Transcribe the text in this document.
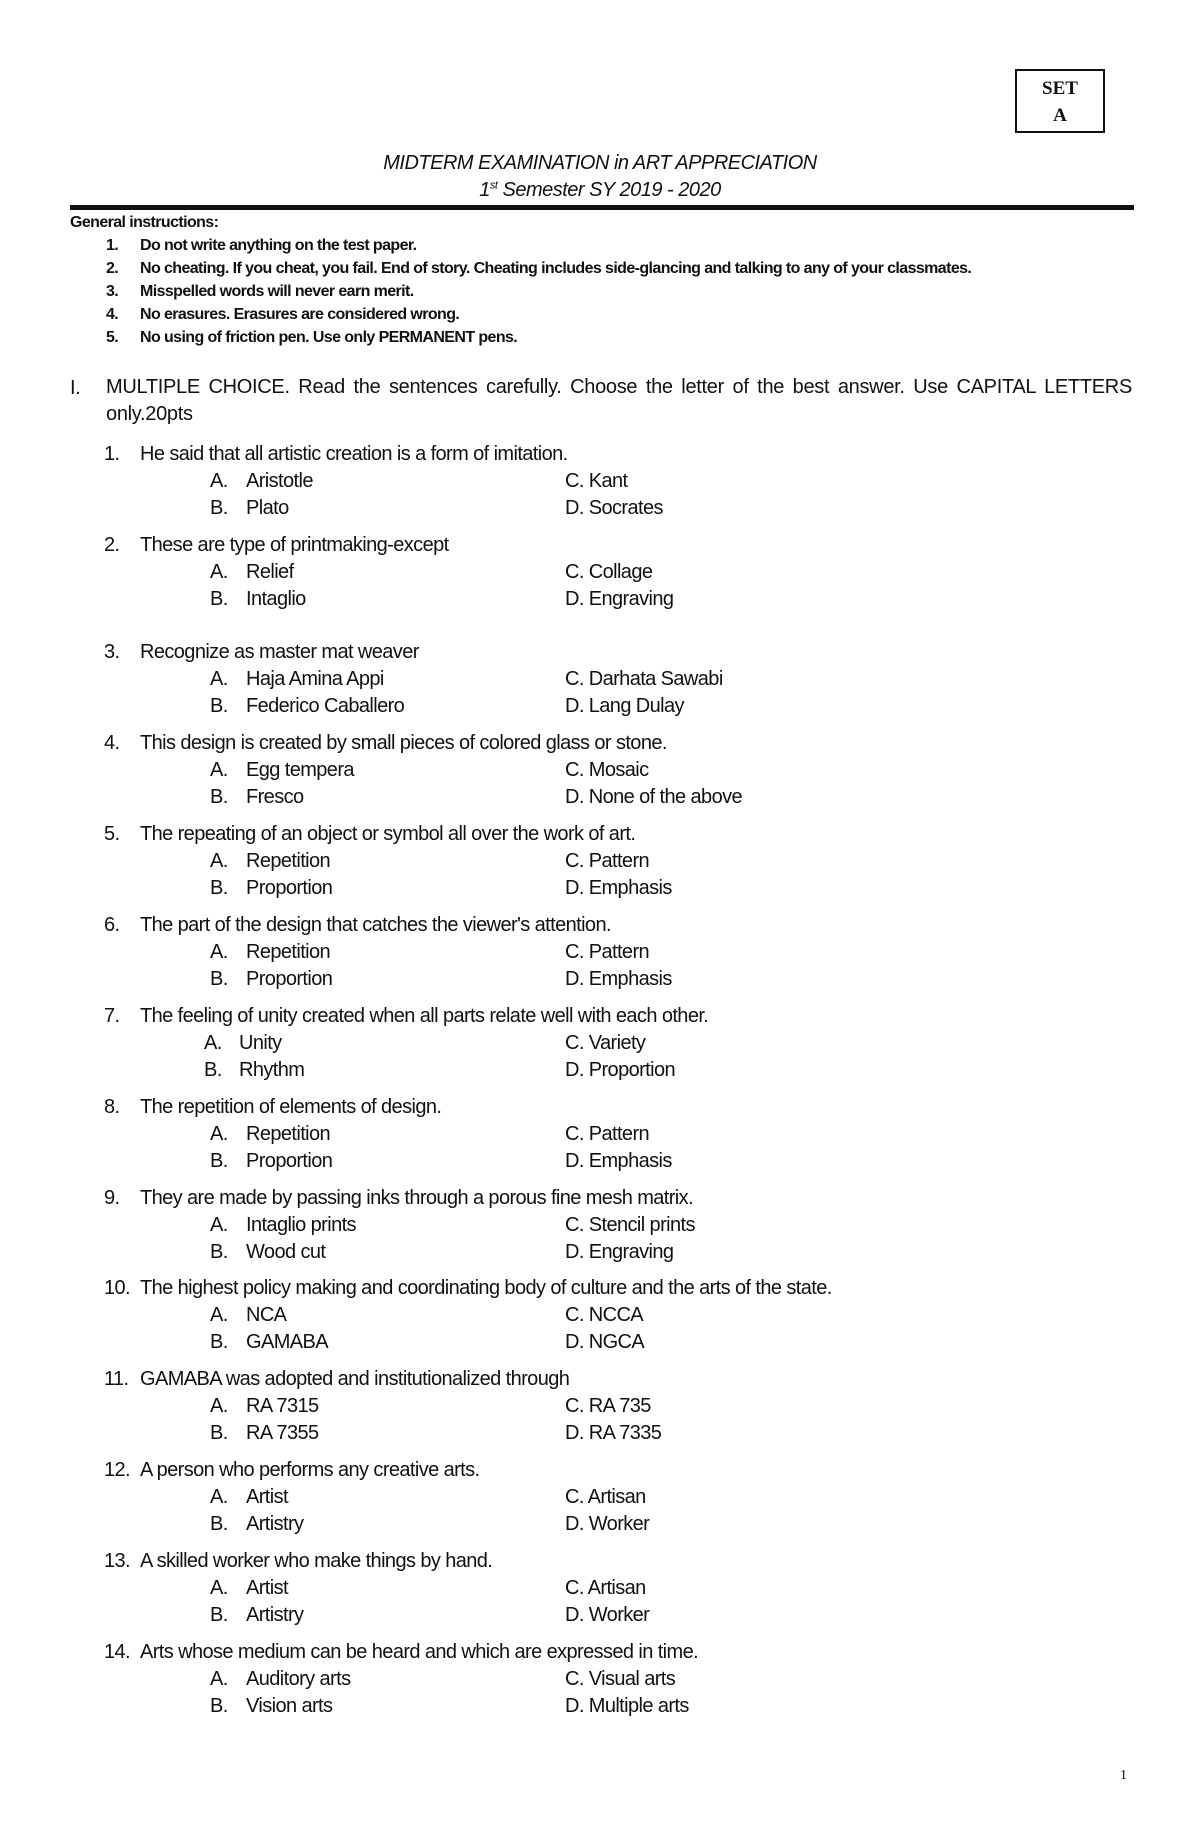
SET
A
MIDTERM EXAMINATION in ART APPRECIATION
1st Semester SY 2019 - 2020
General instructions:
1.	Do not write anything on the test paper.
2.	No cheating. If you cheat, you fail. End of story. Cheating includes side-glancing and talking to any of your classmates.
3.	Misspelled words will never earn merit.
4.	No erasures. Erasures are considered wrong.
5.	No using of friction pen. Use only PERMANENT pens.
I.	MULTIPLE CHOICE. Read the sentences carefully. Choose the letter of the best answer. Use CAPITAL LETTERS only.20pts
1.	He said that all artistic creation is a form of imitation.
A. Aristotle	C. Kant
B. Plato	D. Socrates
2.	These are type of printmaking-except
A. Relief	C. Collage
B. Intaglio	D. Engraving
3.	Recognize as master mat weaver
A. Haja Amina Appi	C. Darhata Sawabi
B. Federico Caballero	D. Lang Dulay
4.	This design is created by small pieces of colored glass or stone.
A. Egg tempera	C. Mosaic
B. Fresco	D. None of the above
5.	The repeating of an object or symbol all over the work of art.
A. Repetition	C. Pattern
B. Proportion	D. Emphasis
6.	The part of the design that catches the viewer's attention.
A. Repetition	C. Pattern
B. Proportion	D. Emphasis
7.	The feeling of unity created when all parts relate well with each other.
A. Unity	C. Variety
B. Rhythm	D. Proportion
8.	The repetition of elements of design.
A. Repetition	C. Pattern
B. Proportion	D. Emphasis
9.	They are made by passing inks through a porous fine mesh matrix.
A. Intaglio prints	C. Stencil prints
B. Wood cut	D. Engraving
10. The highest policy making and coordinating body of culture and the arts of the state.
A. NCA	C. NCCA
B. GAMABA	D. NGCA
11. GAMABA was adopted and institutionalized through
A. RA 7315	C. RA 735
B. RA 7355	D. RA 7335
12. A person who performs any creative arts.
A. Artist	C. Artisan
B. Artistry	D. Worker
13. A skilled worker who make things by hand.
A. Artist	C. Artisan
B. Artistry	D. Worker
14. Arts whose medium can be heard and which are expressed in time.
A. Auditory arts	C. Visual arts
B. Vision arts	D. Multiple arts
1
